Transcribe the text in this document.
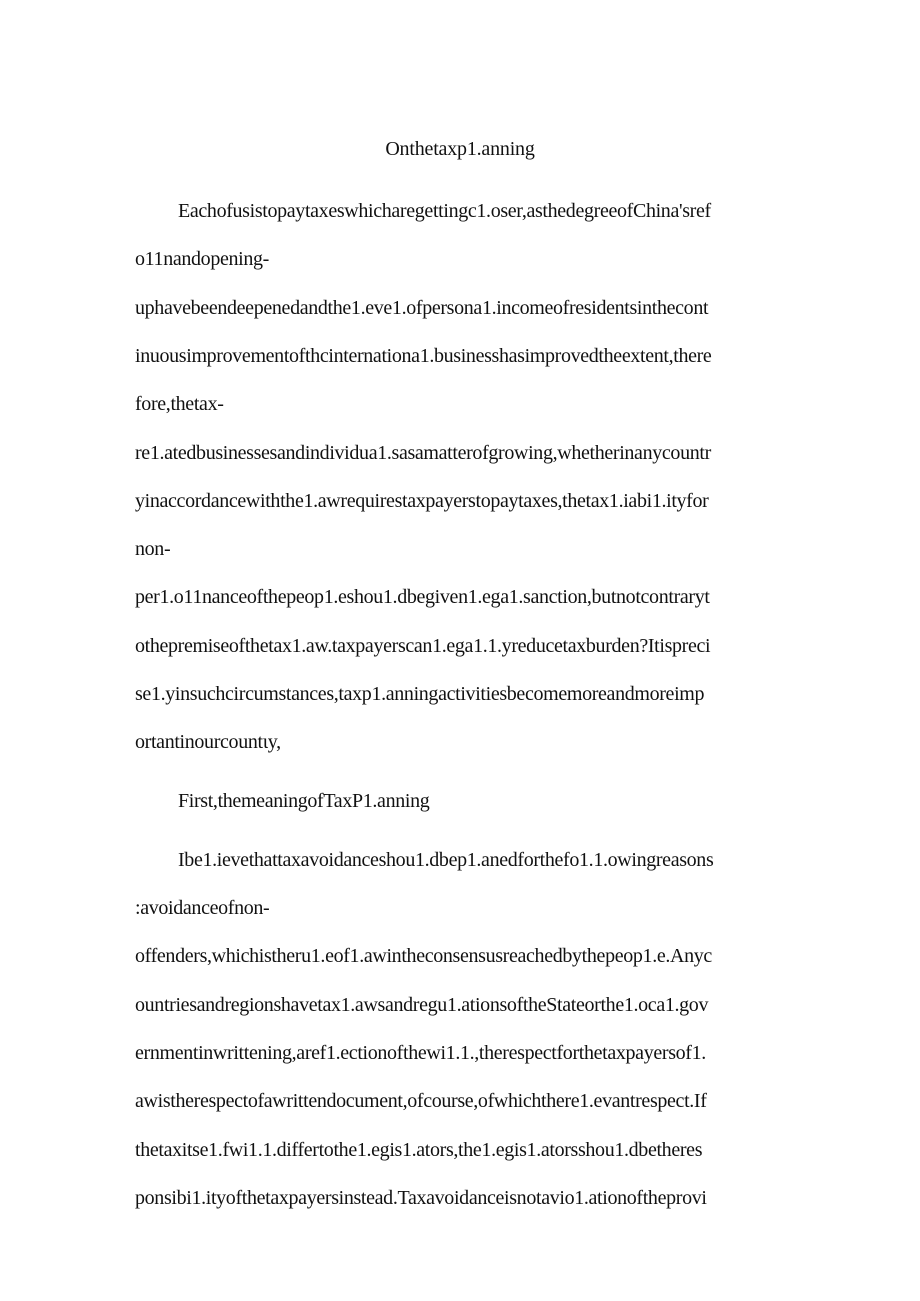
Onthetaxp1.anning
Eachofusistopaytaxeswhicharegettingc1.oser,asthedegreeofChina'sref
o11nandopening-
uphavebeendeepenedandthe1.eve1.ofpersona1.incomeofresidentsinthecont
inuousimprovementofthcinternationa1.businesshasimprovedtheextent,there
fore,thetax-
re1.atedbusinessesandindividua1.sasamatterofgrowing,whetherinanycountr
yinaccordancewiththe1.awrequirestaxpayerstopaytaxes,thetax1.iabi1.ityfor
non-
per1.o11nanceofthepeop1.eshou1.dbegiven1.ega1.sanction,butnotcontraryt
othepremiseofthetax1.aw.taxpayerscan1.ega1.1.yreducetaxburden?Itispreci
se1.yinsuchcircumstances,taxp1.anningactivitiesbecomemoreandmoreimp
ortantinourcountιy,
First,themeaningofTaxP1.anning
Ibe1.ievethattaxavoidanceshou1.dbep1.anedforthefo1.1.owingreasons
:avoidanceofnon-
offenders,whichistheru1.eof1.awintheconsensusreachedbythepeop1.e.Anyc
ountriesandregionshavetax1.awsandregu1.ationsoftheStateorthe1.oca1.gov
ernmentinwrittening,aref1.ectionofthewi1.1.,therespectforthetaxpayersof1.
awistherespectofawrittendocument,ofcourse,ofwhichthere1.evantrespect.If
thetaxitse1.fwi1.1.differtothe1.egis1.ators,the1.egis1.atorsshou1.dbetheres
ponsibi1.ityofthetaxpayersinstead.Taxavoidanceisnotavio1.ationoftheprovi
